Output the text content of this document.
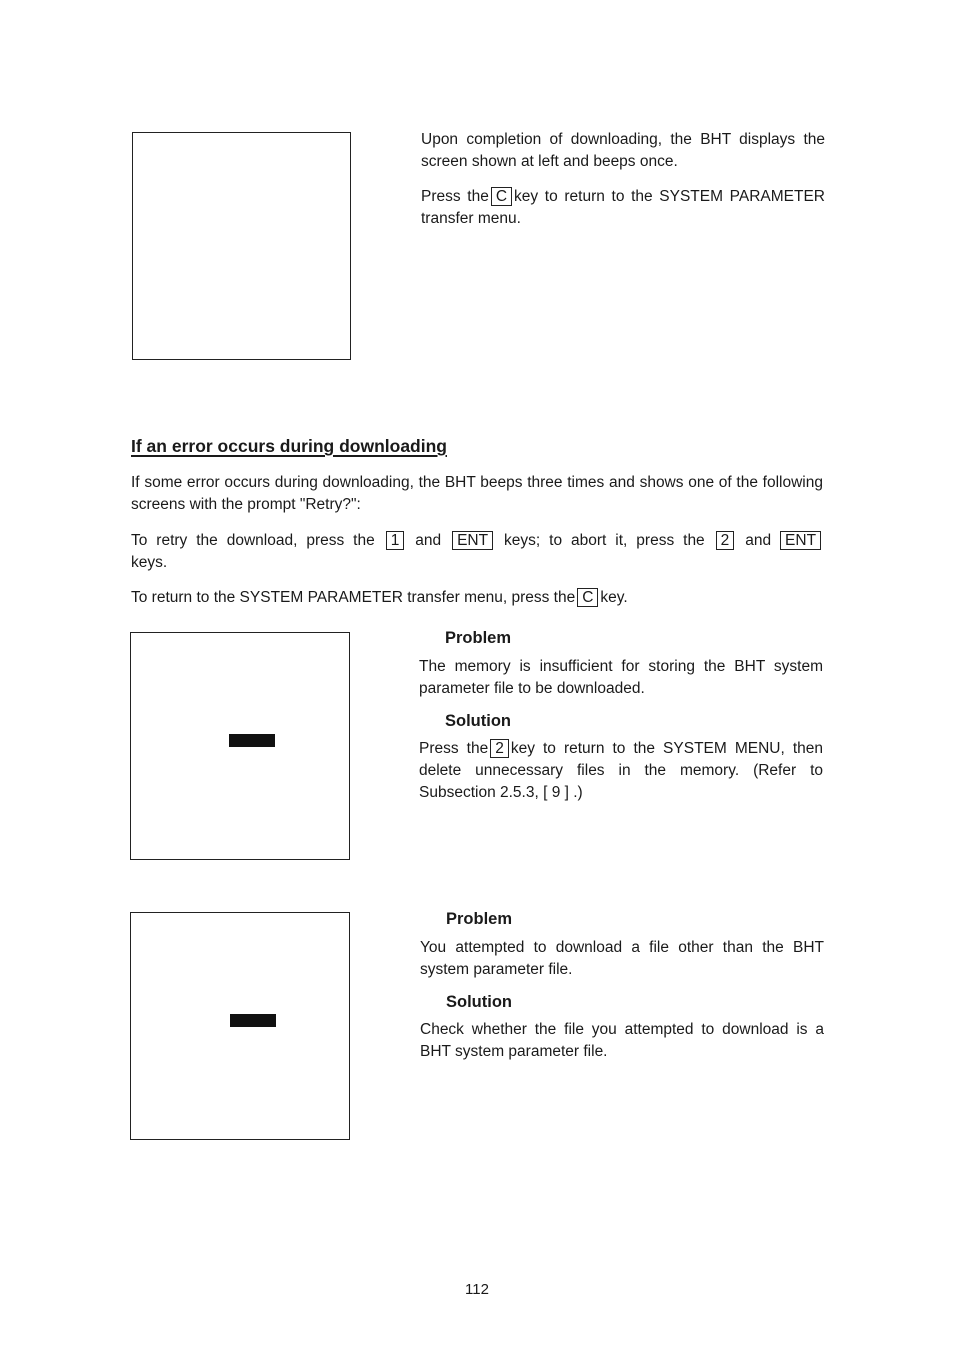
Upon completion of downloading, the BHT displays the screen shown at left and beeps once.

Press the C key to return to the SYSTEM PARAMETER transfer menu.

If an error occurs during downloading

If some error occurs during downloading, the BHT beeps three times and shows one of the following screens with the prompt "Retry?":

To retry the download, press the 1 and ENT keys; to abort it, press the 2 and ENT keys.

To return to the SYSTEM PARAMETER transfer menu, press the C key.

Problem

The memory is insufficient for storing the BHT system parameter file to be downloaded.

Solution

Press the 2 key to return to the SYSTEM MENU, then delete unnecessary files in the memory. (Refer to Subsection 2.5.3, [ 9 ] .)

Problem

You attempted to download a file other than the BHT system parameter file.

Solution

Check whether the file you attempted to download is a BHT system parameter file.

112
